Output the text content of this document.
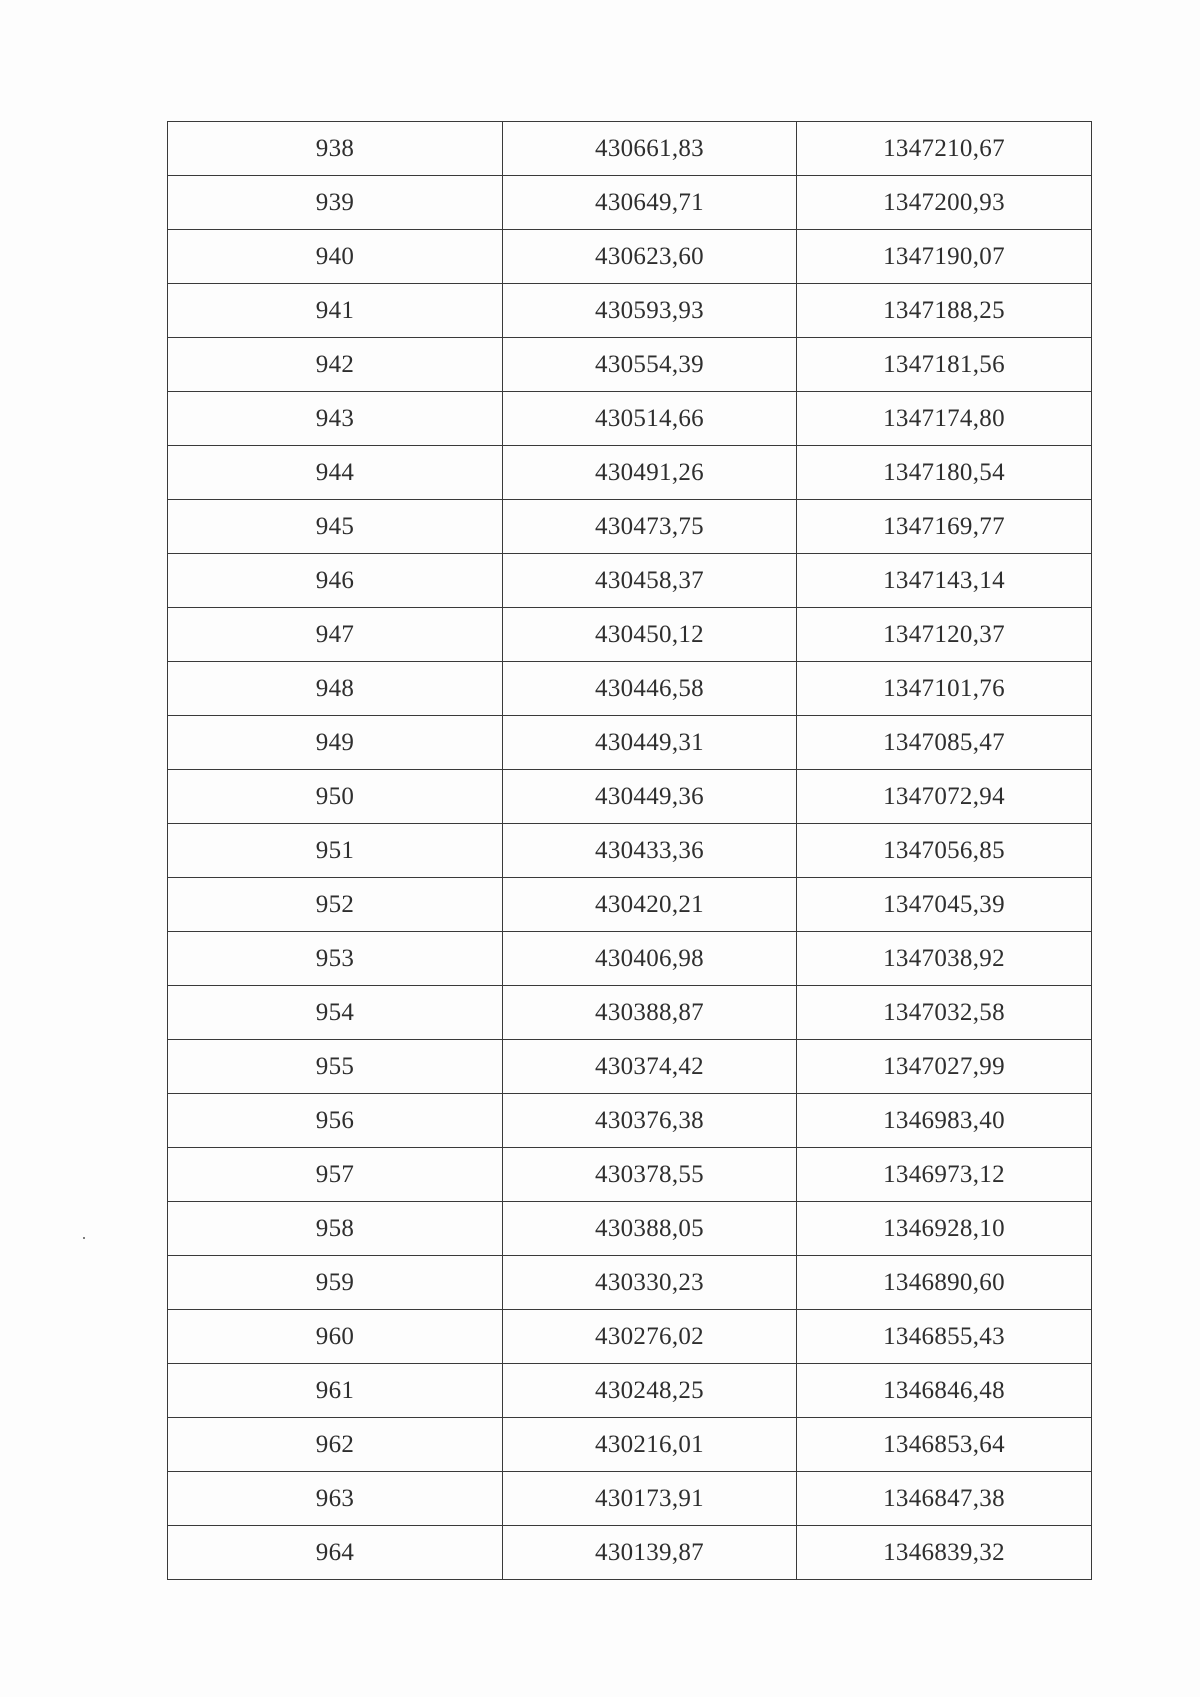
938	430661,83	1347210,67
939	430649,71	1347200,93
940	430623,60	1347190,07
941	430593,93	1347188,25
942	430554,39	1347181,56
943	430514,66	1347174,80
944	430491,26	1347180,54
945	430473,75	1347169,77
946	430458,37	1347143,14
947	430450,12	1347120,37
948	430446,58	1347101,76
949	430449,31	1347085,47
950	430449,36	1347072,94
951	430433,36	1347056,85
952	430420,21	1347045,39
953	430406,98	1347038,92
954	430388,87	1347032,58
955	430374,42	1347027,99
956	430376,38	1346983,40
957	430378,55	1346973,12
958	430388,05	1346928,10
959	430330,23	1346890,60
960	430276,02	1346855,43
961	430248,25	1346846,48
962	430216,01	1346853,64
963	430173,91	1346847,38
964	430139,87	1346839,32
